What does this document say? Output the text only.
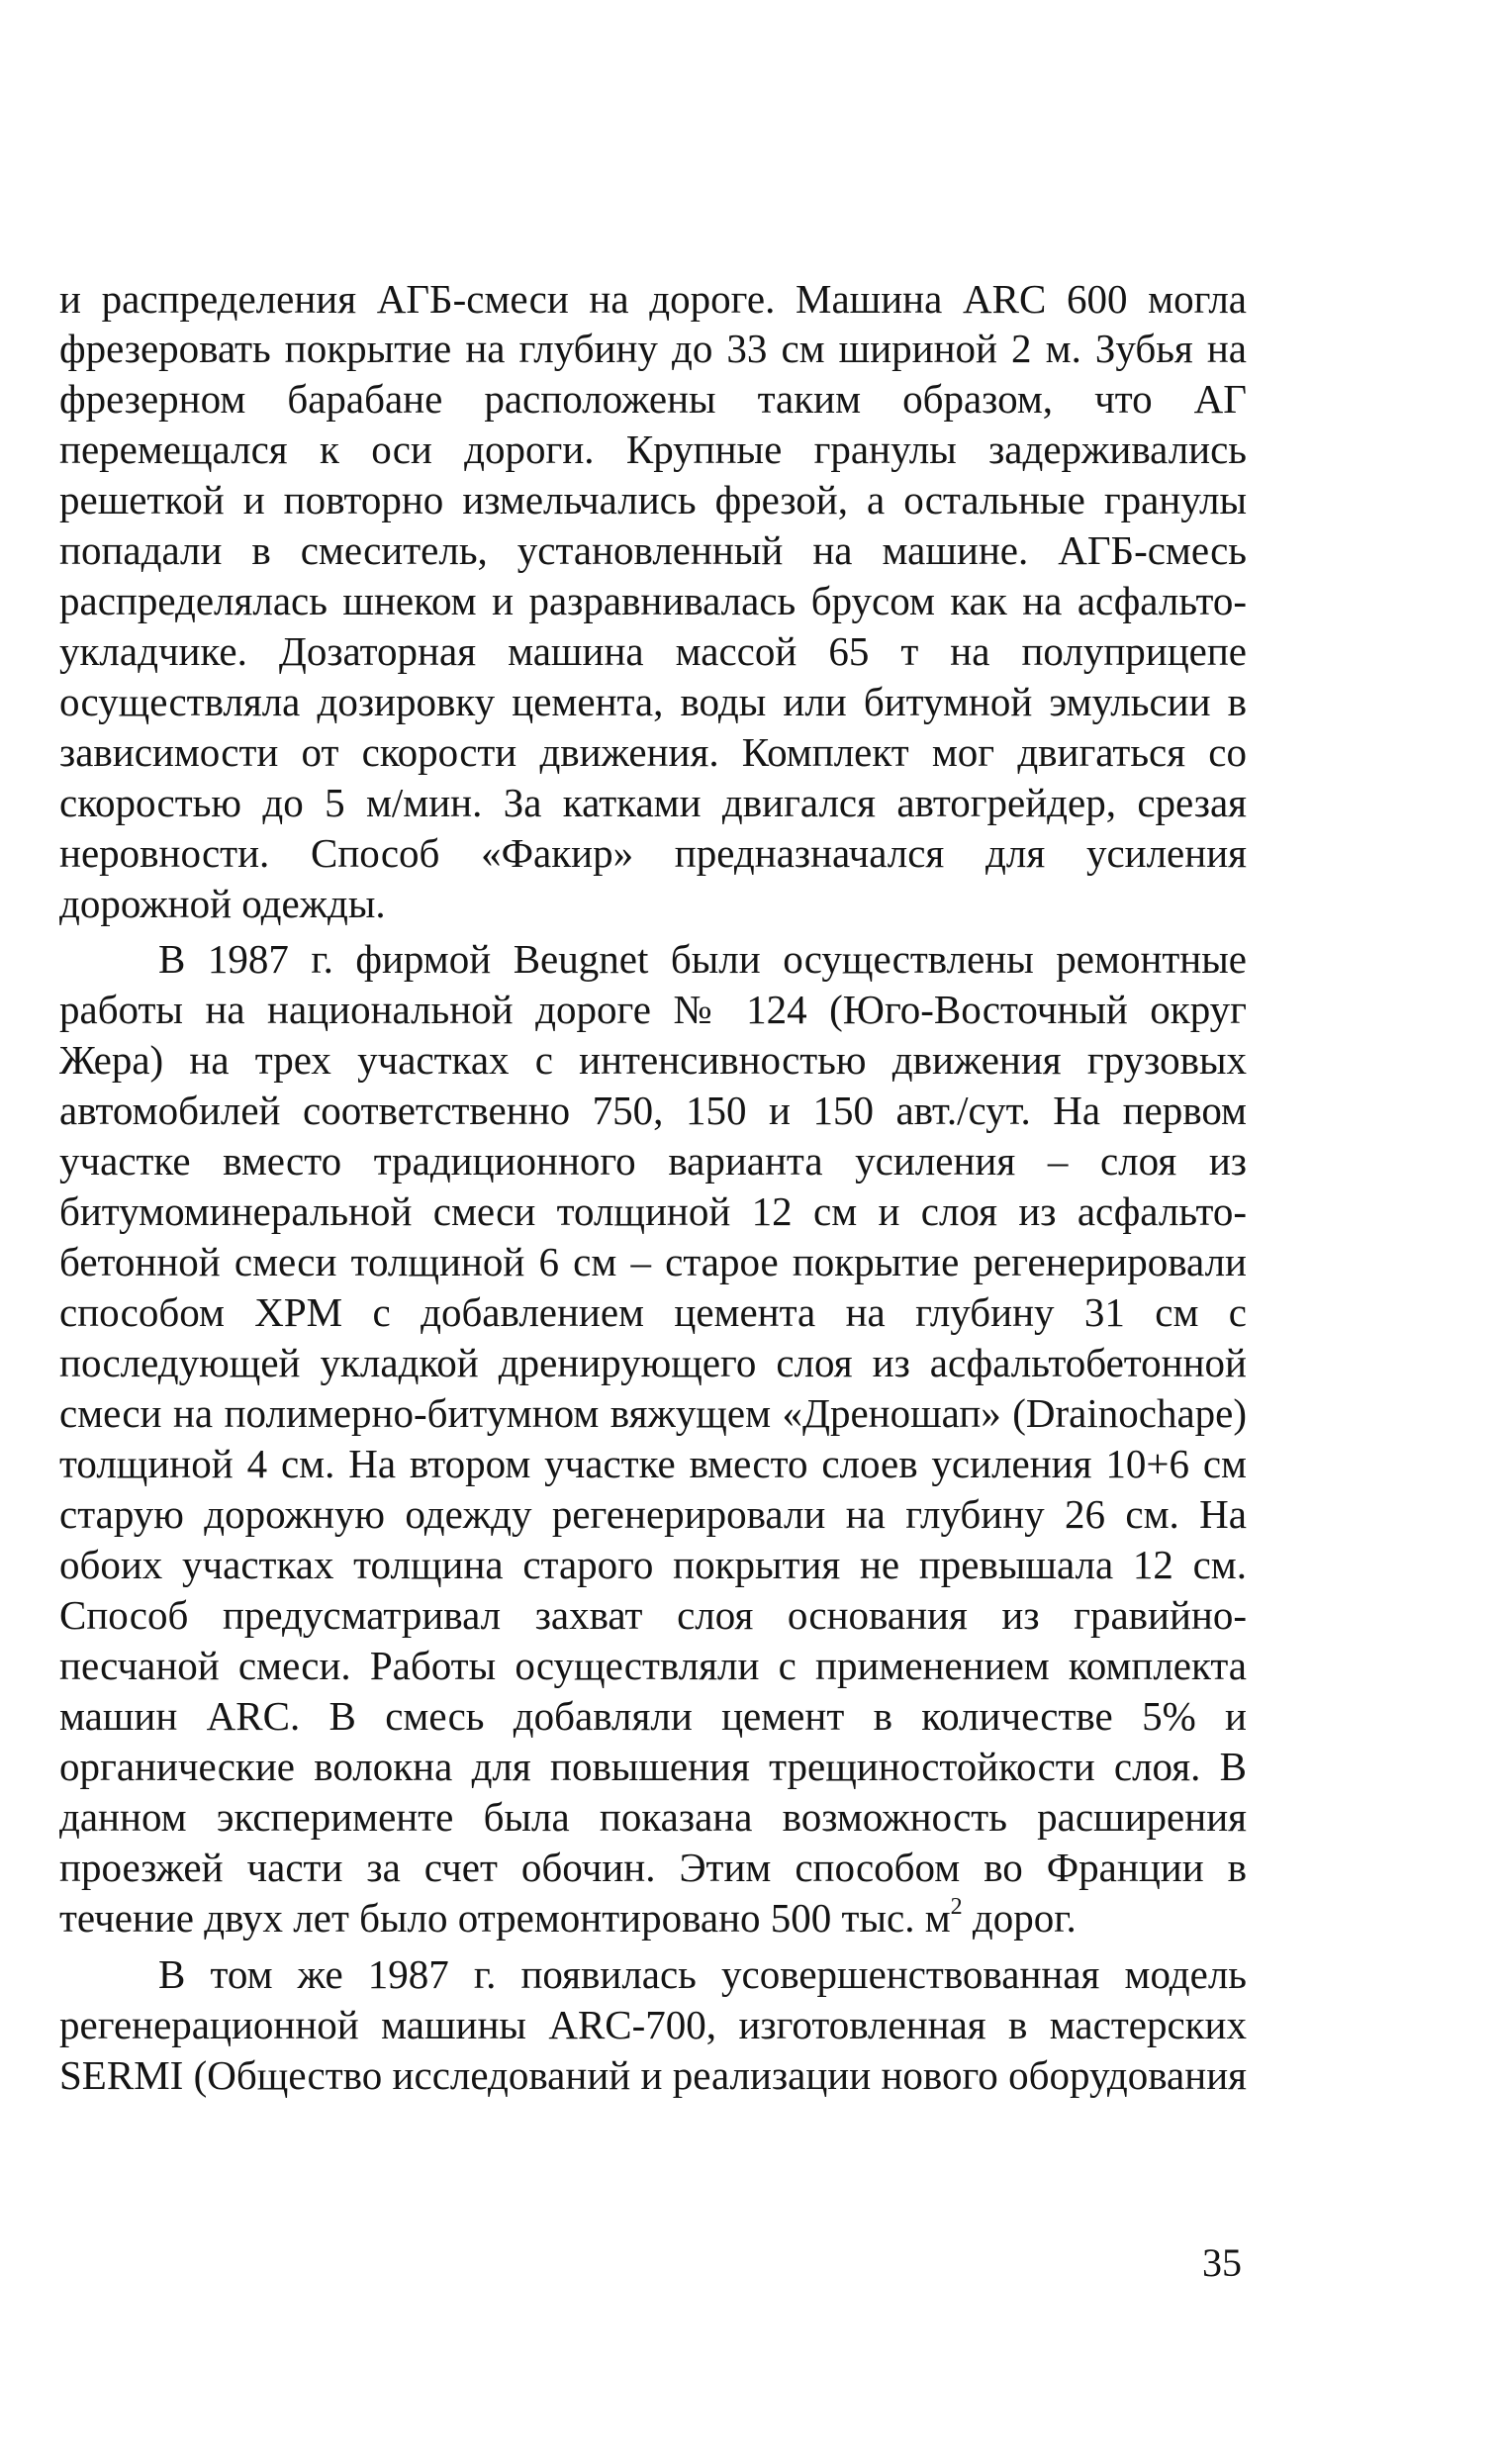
и распределения АГБ-смеси на дороге. Машина ARC 600 могла
фрезеровать покрытие на глубину до 33 см шириной 2 м. Зубья на
фрезерном барабане расположены таким образом, что АГ
перемещался к оси дороги. Крупные гранулы задерживались
решеткой и повторно измельчались фрезой, а остальные гранулы
попадали в смеситель, установленный на машине. АГБ-смесь
распределялась шнеком и разравнивалась брусом как на асфальто-
укладчике. Дозаторная машина массой 65 т на полуприцепе
осуществляла дозировку цемента, воды или битумной эмульсии в
зависимости от скорости движения. Комплект мог двигаться со
скоростью до 5 м/мин. За катками двигался автогрейдер, срезая
неровности. Способ «Факир» предназначался для усиления
дорожной одежды.
В 1987 г. фирмой Beugnet были осуществлены ремонтные
работы на национальной дороге № 124 (Юго-Восточный округ
Жера) на трех участках с интенсивностью движения грузовых
автомобилей соответственно 750, 150 и 150 авт./сут. На первом
участке вместо традиционного варианта усиления – слоя из
битумоминеральной смеси толщиной 12 см и слоя из асфальто-
бетонной смеси толщиной 6 см – старое покрытие регенерировали
способом ХРМ с добавлением цемента на глубину 31 см с
последующей укладкой дренирующего слоя из асфальтобетонной
смеси на полимерно-битумном вяжущем «Дреношап» (Drainochape)
толщиной 4 см. На втором участке вместо слоев усиления 10+6 см
старую дорожную одежду регенерировали на глубину 26 см. На
обоих участках толщина старого покрытия не превышала 12 см.
Способ предусматривал захват слоя основания из гравийно-
песчаной смеси. Работы осуществляли с применением комплекта
машин ARC. В смесь добавляли цемент в количестве 5% и
органические волокна для повышения трещиностойкости слоя. В
данном эксперименте была показана возможность расширения
проезжей части за счет обочин. Этим способом во Франции в
течение двух лет было отремонтировано 500 тыс. $м^2$ дорог.
В том же 1987 г. появилась усовершенствованная модель
регенерационной машины ARC-700, изготовленная в мастерских
SERMI (Общество исследований и реализации нового оборудования
35
